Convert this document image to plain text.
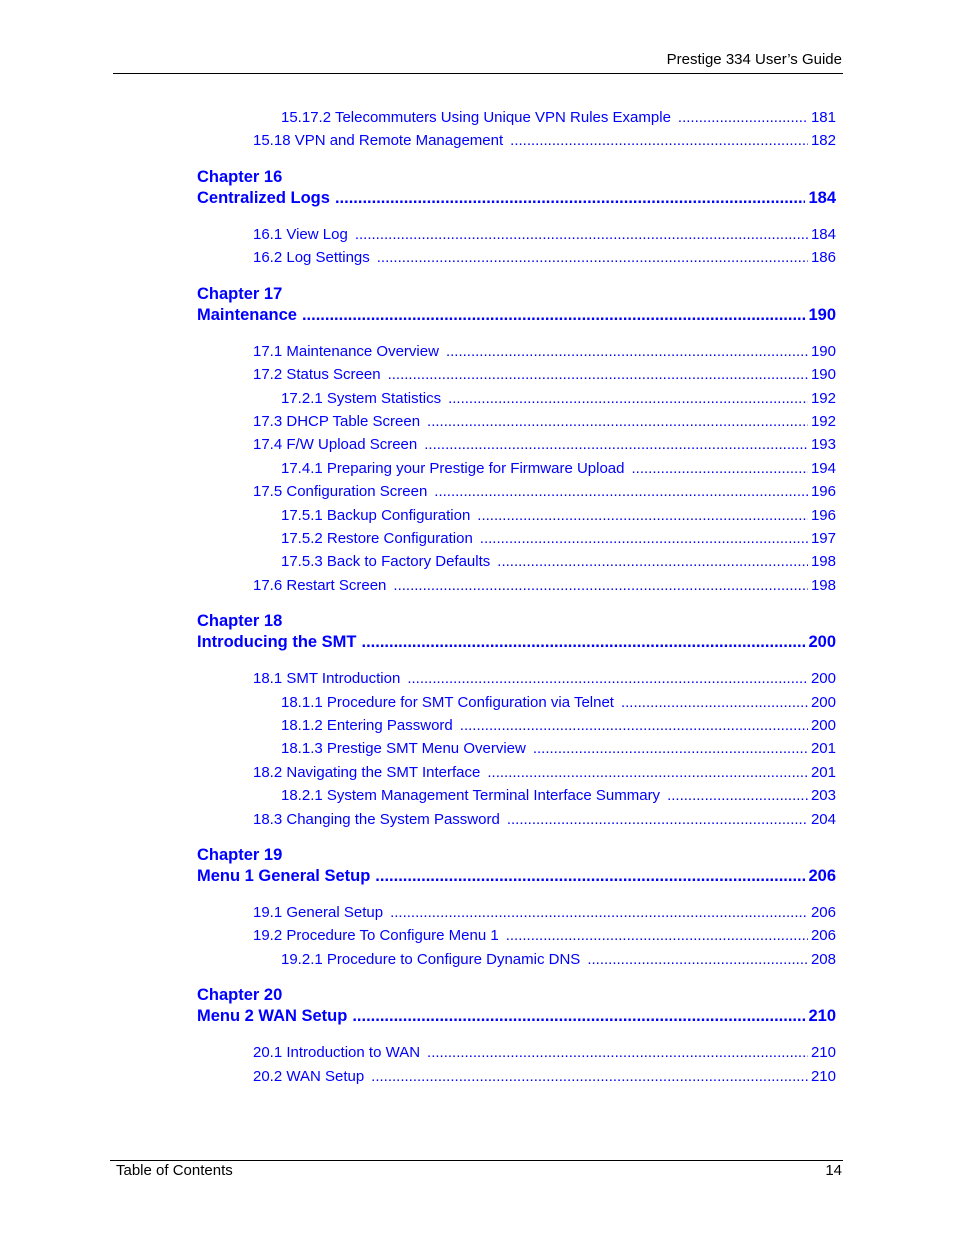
Prestige 334 User’s Guide
15.17.2 Telecommuters Using Unique VPN Rules Example .....	181
15.18 VPN and Remote Management .....	182
Chapter 16
Centralized Logs .....	184
16.1 View Log .....	184
16.2 Log Settings .....	186
Chapter 17
Maintenance .....	190
17.1 Maintenance Overview .....	190
17.2 Status Screen .....	190
17.2.1 System Statistics .....	192
17.3 DHCP Table Screen .....	192
17.4 F/W Upload Screen .....	193
17.4.1 Preparing your Prestige for Firmware Upload .....	194
17.5 Configuration Screen .....	196
17.5.1 Backup Configuration .....	196
17.5.2 Restore Configuration .....	197
17.5.3 Back to Factory Defaults .....	198
17.6 Restart Screen .....	198
Chapter 18
Introducing the SMT .....	200
18.1 SMT Introduction .....	200
18.1.1 Procedure for SMT Configuration via Telnet .....	200
18.1.2 Entering Password .....	200
18.1.3 Prestige SMT Menu Overview .....	201
18.2 Navigating the SMT Interface .....	201
18.2.1 System Management Terminal Interface Summary .....	203
18.3 Changing the System Password .....	204
Chapter 19
Menu 1 General Setup .....	206
19.1 General Setup .....	206
19.2 Procedure To Configure Menu 1 .....	206
19.2.1 Procedure to Configure Dynamic DNS .....	208
Chapter 20
Menu 2 WAN Setup .....	210
20.1 Introduction to WAN .....	210
20.2 WAN Setup .....	210
Table of Contents	14
